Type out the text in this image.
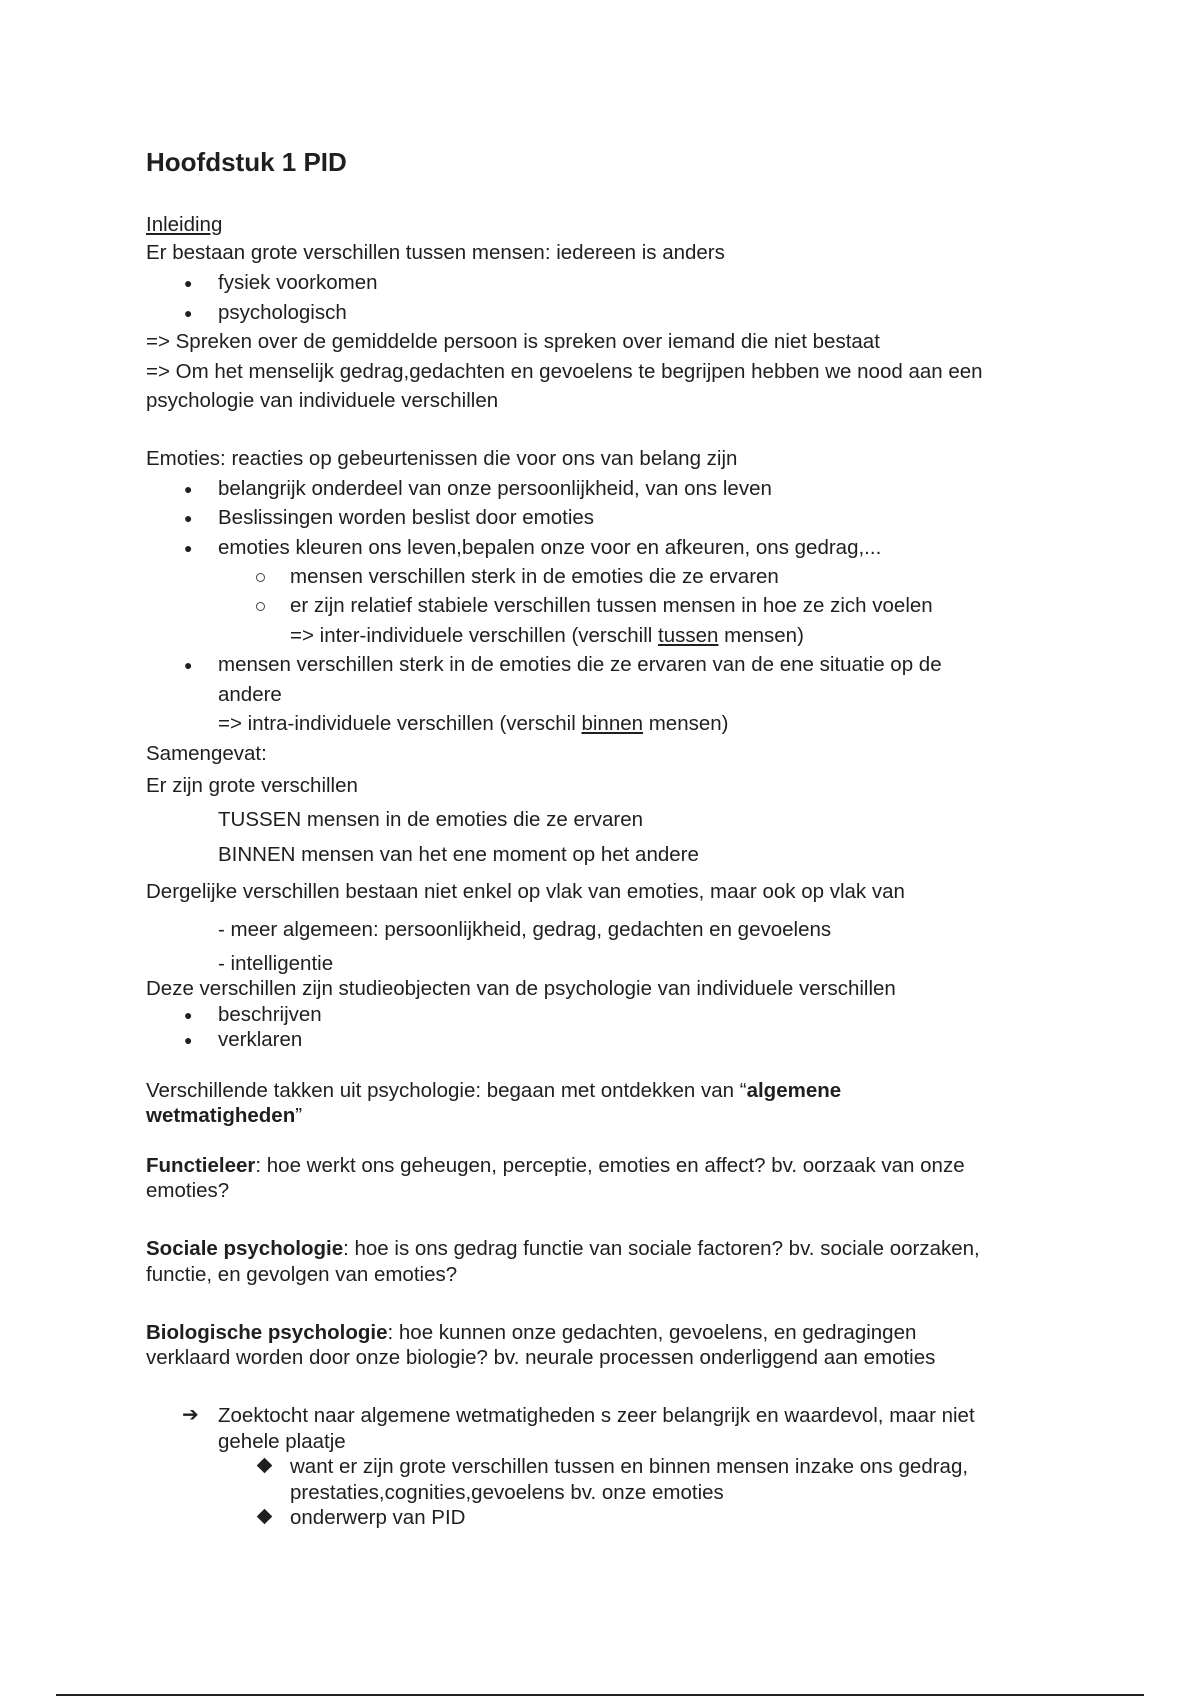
Hoofdstuk 1 PID
Inleiding
Er bestaan grote verschillen tussen mensen: iedereen is anders
● fysiek voorkomen
● psychologisch
=> Spreken over de gemiddelde persoon is spreken over iemand die niet bestaat
=> Om het menselijk gedrag,gedachten en gevoelens te begrijpen hebben we nood aan een
psychologie van individuele verschillen
Emoties: reacties op gebeurtenissen die voor ons van belang zijn
● belangrijk onderdeel van onze persoonlijkheid, van ons leven
● Beslissingen worden beslist door emoties
● emoties kleuren ons leven,bepalen onze voor en afkeuren, ons gedrag,...
mensen verschillen sterk in de emoties die ze ervaren
er zijn relatief stabiele verschillen tussen mensen in hoe ze zich voelen
=> inter-individuele verschillen (verschill tussen mensen)
● mensen verschillen sterk in de emoties die ze ervaren van de ene situatie op de
andere
=> intra-individuele verschillen (verschil binnen mensen)
Samengevat:
Er zijn grote verschillen
TUSSEN mensen in de emoties die ze ervaren
BINNEN mensen van het ene moment op het andere
Dergelijke verschillen bestaan niet enkel op vlak van emoties, maar ook op vlak van
- meer algemeen: persoonlijkheid, gedrag, gedachten en gevoelens
- intelligentie
Deze verschillen zijn studieobjecten van de psychologie van individuele verschillen
● beschrijven
● verklaren
Verschillende takken uit psychologie: begaan met ontdekken van “algemene
wetmatigheden”
Functieleer: hoe werkt ons geheugen, perceptie, emoties en affect? bv. oorzaak van onze
emoties?
Sociale psychologie: hoe is ons gedrag functie van sociale factoren? bv. sociale oorzaken,
functie, en gevolgen van emoties?
Biologische psychologie: hoe kunnen onze gedachten, gevoelens, en gedragingen
verklaard worden door onze biologie? bv. neurale processen onderliggend aan emoties
➔ Zoektocht naar algemene wetmatigheden s zeer belangrijk en waardevol, maar niet
gehele plaatje
want er zijn grote verschillen tussen en binnen mensen inzake ons gedrag,
prestaties,cognities,gevoelens bv. onze emoties
onderwerp van PID
